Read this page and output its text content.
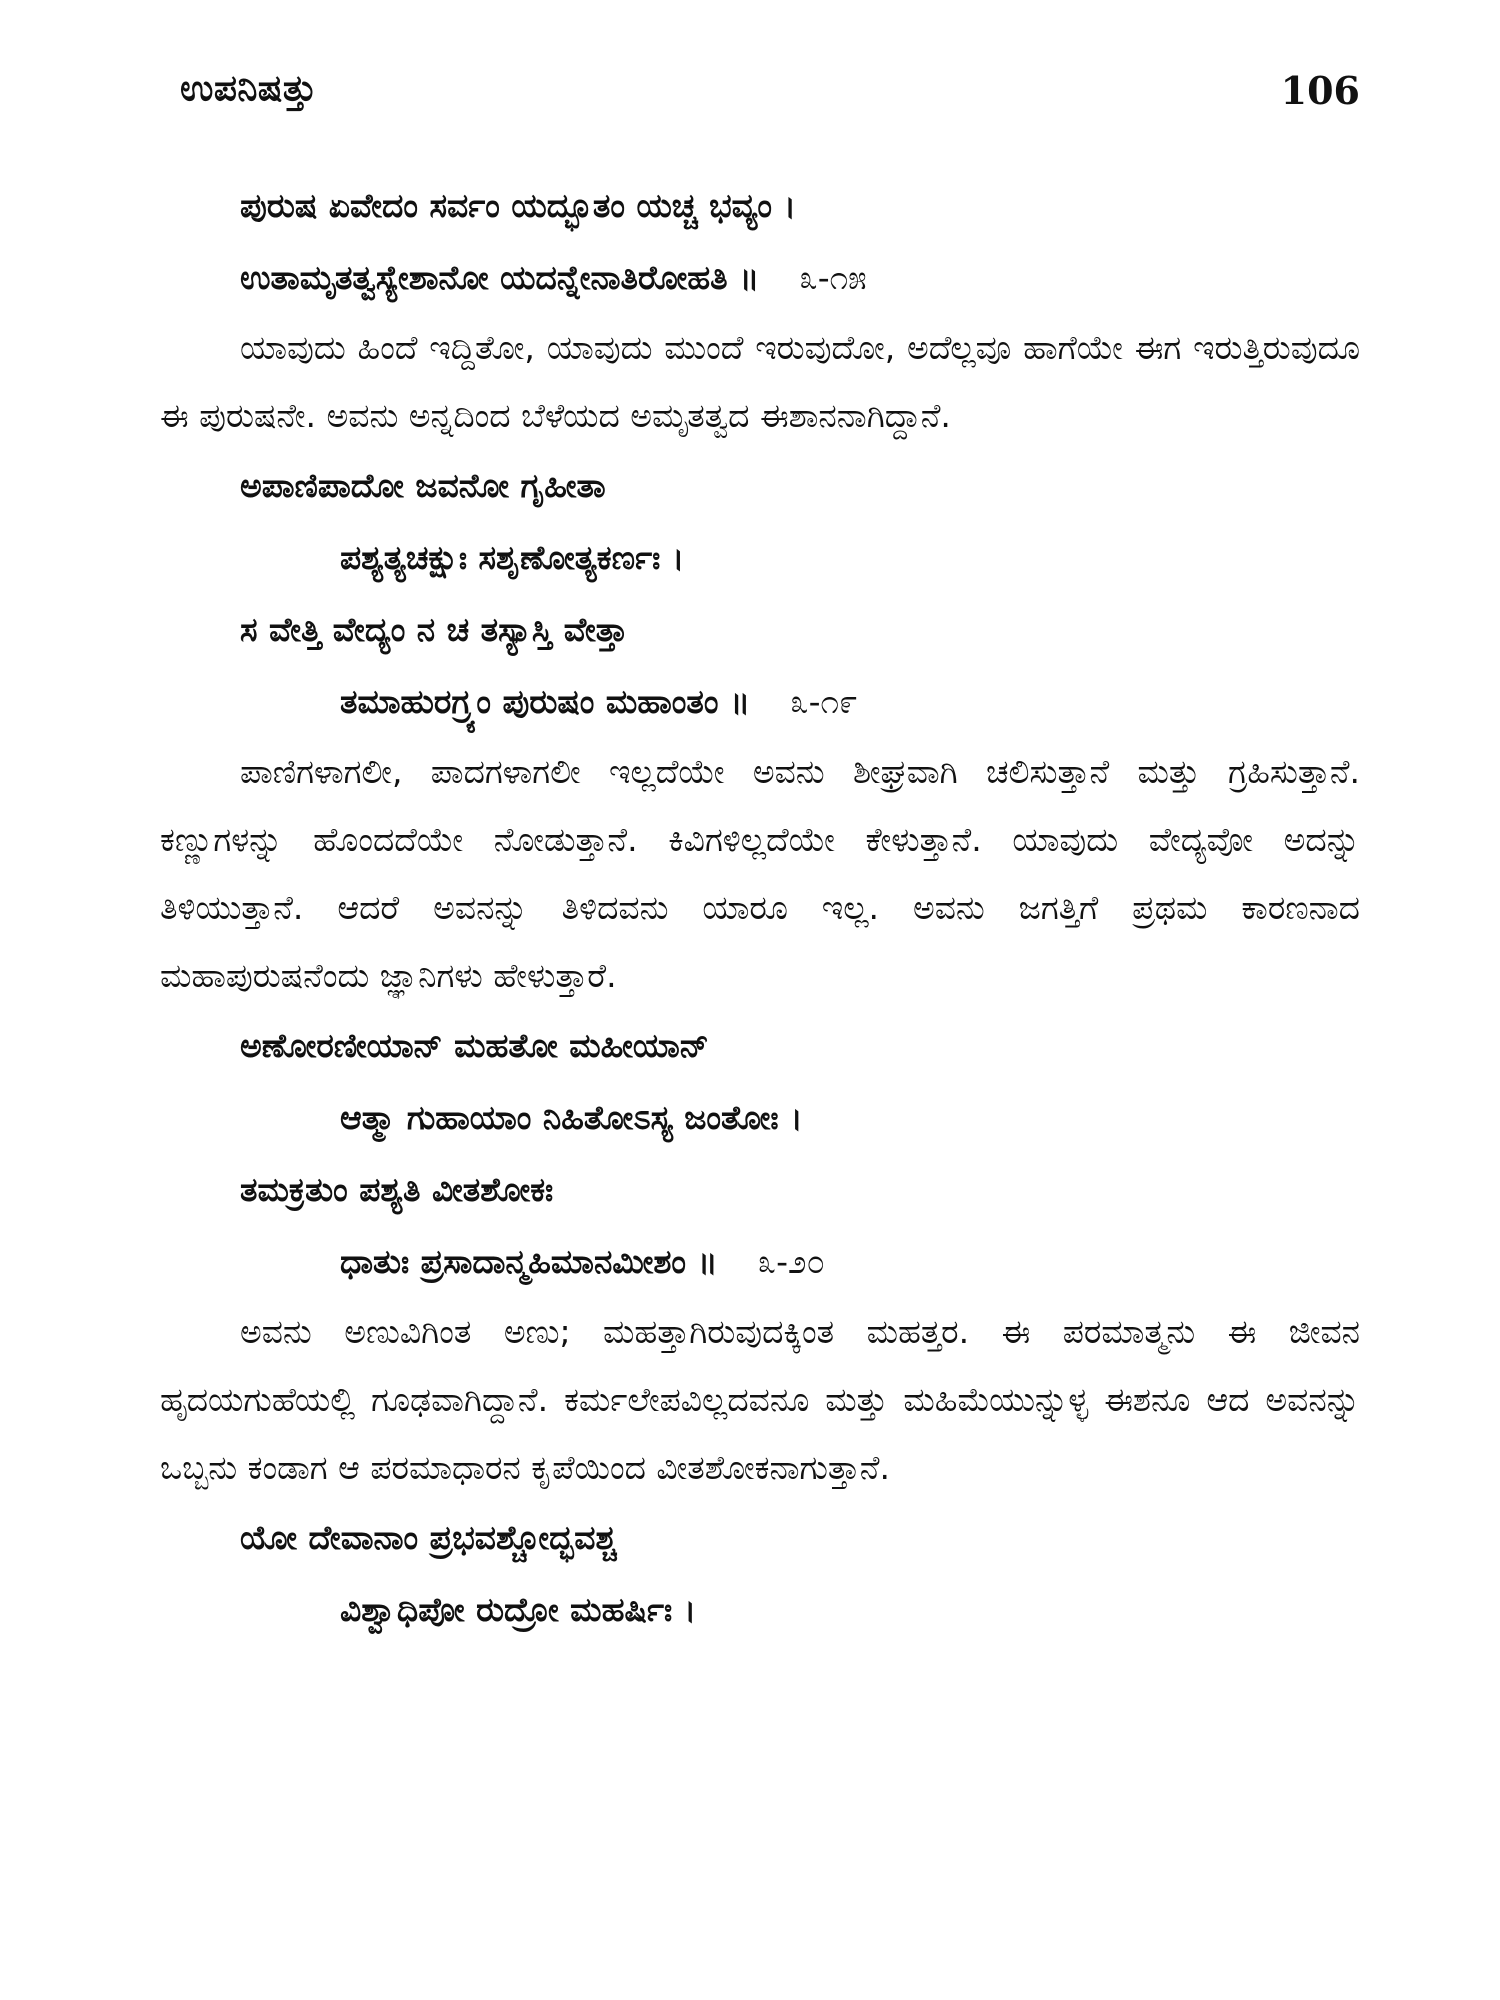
ಉಪನಿಷತ್ತು	106
ಪುರುಷ ಏವೇದಂ ಸರ್ವಂ ಯದ್ಭೂತಂ ಯಚ್ಚ ಭವ್ಯಂ ।
ಉತಾಮೃತತ್ವಸ್ಯೇಶಾನೋ ಯದನ್ನೇನಾತಿರೋಹತಿ ॥ ೩-೧೫

ಯಾವುದು ಹಿಂದೆ ಇದ್ದಿತೋ, ಯಾವುದು ಮುಂದೆ ಇರುವುದೋ, ಅದೆಲ್ಲವೂ ಹಾಗೆಯೇ ಈಗ ಇರುತ್ತಿರುವುದೂ ಈ ಪುರುಷನೇ. ಅವನು ಅನ್ನದಿಂದ ಬೆಳೆಯದ ಅಮೃತತ್ವದ ಈಶಾನನಾಗಿದ್ದಾನೆ.

ಅಪಾಣಿಪಾದೋ ಜವನೋ ಗೃಹೀತಾ
ಪಶ್ಯತ್ಯಚಕ್ಷುಃ ಸಶೃಣೋತ್ಯಕರ್ಣಃ ।
ಸ ವೇತ್ತಿ ವೇದ್ಯಂ ನ ಚ ತಸ್ಯಾಸ್ತಿ ವೇತ್ತಾ
ತಮಾಹುರಗ್ರ್ಯಂ ಪುರುಷಂ ಮಹಾಂತಂ ॥ ೩-೧೯

ಪಾಣಿಗಳಾಗಲೀ, ಪಾದಗಳಾಗಲೀ ಇಲ್ಲದೆಯೇ ಅವನು ಶೀಘ್ರವಾಗಿ ಚಲಿಸುತ್ತಾನೆ ಮತ್ತು ಗ್ರಹಿಸುತ್ತಾನೆ. ಕಣ್ಣುಗಳನ್ನು ಹೊಂದದೆಯೇ ನೋಡುತ್ತಾನೆ. ಕಿವಿಗಳಿಲ್ಲದೆಯೇ ಕೇಳುತ್ತಾನೆ. ಯಾವುದು ವೇದ್ಯವೋ ಅದನ್ನು ತಿಳಿಯುತ್ತಾನೆ. ಆದರೆ ಅವನನ್ನು ತಿಳಿದವನು ಯಾರೂ ಇಲ್ಲ. ಅವನು ಜಗತ್ತಿಗೆ ಪ್ರಥಮ ಕಾರಣನಾದ ಮಹಾಪುರುಷನೆಂದು ಜ್ಞಾನಿಗಳು ಹೇಳುತ್ತಾರೆ.

ಅಣೋರಣೀಯಾನ್ ಮಹತೋ ಮಹೀಯಾನ್
ಆತ್ಮಾ ಗುಹಾಯಾಂ ನಿಹಿತೋಽಸ್ಯ ಜಂತೋಃ ।
ತಮಕ್ರತುಂ ಪಶ್ಯತಿ ವೀತಶೋಕಃ
ಧಾತುಃ ಪ್ರಸಾದಾನ್ಮಹಿಮಾನಮೀಶಂ ॥ ೩-೨೦

ಅವನು ಅಣುವಿಗಿಂತ ಅಣು; ಮಹತ್ತಾಗಿರುವುದಕ್ಕಿಂತ ಮಹತ್ತರ. ಈ ಪರಮಾತ್ಮನು ಈ ಜೀವನ ಹೃದಯಗುಹೆಯಲ್ಲಿ ಗೂಢವಾಗಿದ್ದಾನೆ. ಕರ್ಮಲೇಪವಿಲ್ಲದವನೂ ಮತ್ತು ಮಹಿಮೆಯುನ್ನುಳ್ಳ ಈಶನೂ ಆದ ಅವನನ್ನು ಒಬ್ಬನು ಕಂಡಾಗ ಆ ಪರಮಾಧಾರನ ಕೃಪೆಯಿಂದ ವೀತಶೋಕನಾಗುತ್ತಾನೆ.

ಯೋ ದೇವಾನಾಂ ಪ್ರಭವಶ್ಚೋದ್ಭವಶ್ಚ
ವಿಶ್ವಾಧಿಪೋ ರುದ್ರೋ ಮಹರ್ಷಿಃ ।
